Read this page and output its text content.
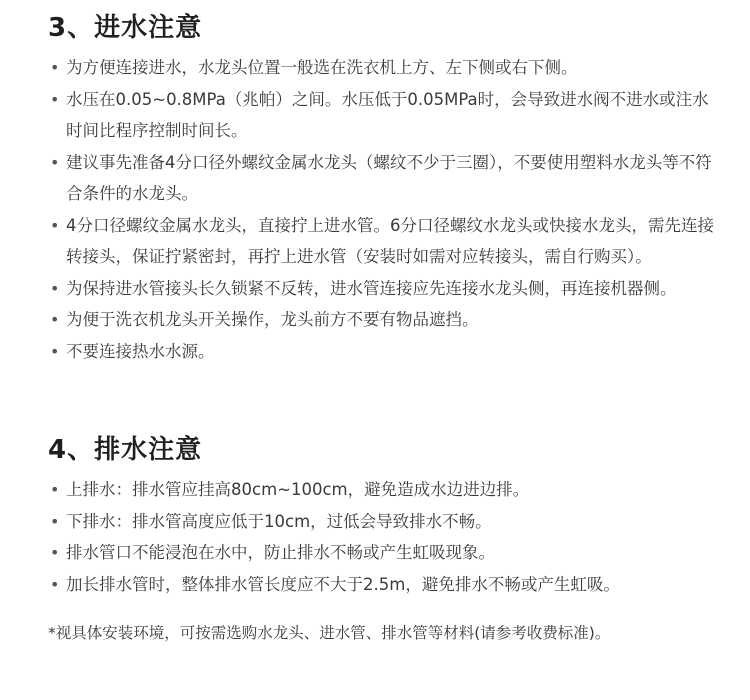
3、进水注意
• 为方便连接进水，水龙头位置一般选在洗衣机上方、左下侧或右下侧。
• 水压在0.05~0.8MPa（兆帕）之间。水压低于0.05MPa时，会导致进水阀不进水或注水时间比程序控制时间长。
• 建议事先准备4分口径外螺纹金属水龙头（螺纹不少于三圈），不要使用塑料水龙头等不符合条件的水龙头。
• 4分口径螺纹金属水龙头，直接拧上进水管。6分口径螺纹水龙头或快接水龙头，需先连接转接头，保证拧紧密封，再拧上进水管（安装时如需对应转接头，需自行购买）。
• 为保持进水管接头长久锁紧不反转，进水管连接应先连接水龙头侧，再连接机器侧。
• 为便于洗衣机龙头开关操作，龙头前方不要有物品遮挡。
• 不要连接热水水源。
4、排水注意
• 上排水：排水管应挂高80cm~100cm，避免造成水边进边排。
• 下排水：排水管高度应低于10cm，过低会导致排水不畅。
• 排水管口不能浸泡在水中，防止排水不畅或产生虹吸现象。
• 加长排水管时，整体排水管长度应不大于2.5m，避免排水不畅或产生虹吸。

*视具体安装环境，可按需选购水龙头、进水管、排水管等材料(请参考收费标准)。
